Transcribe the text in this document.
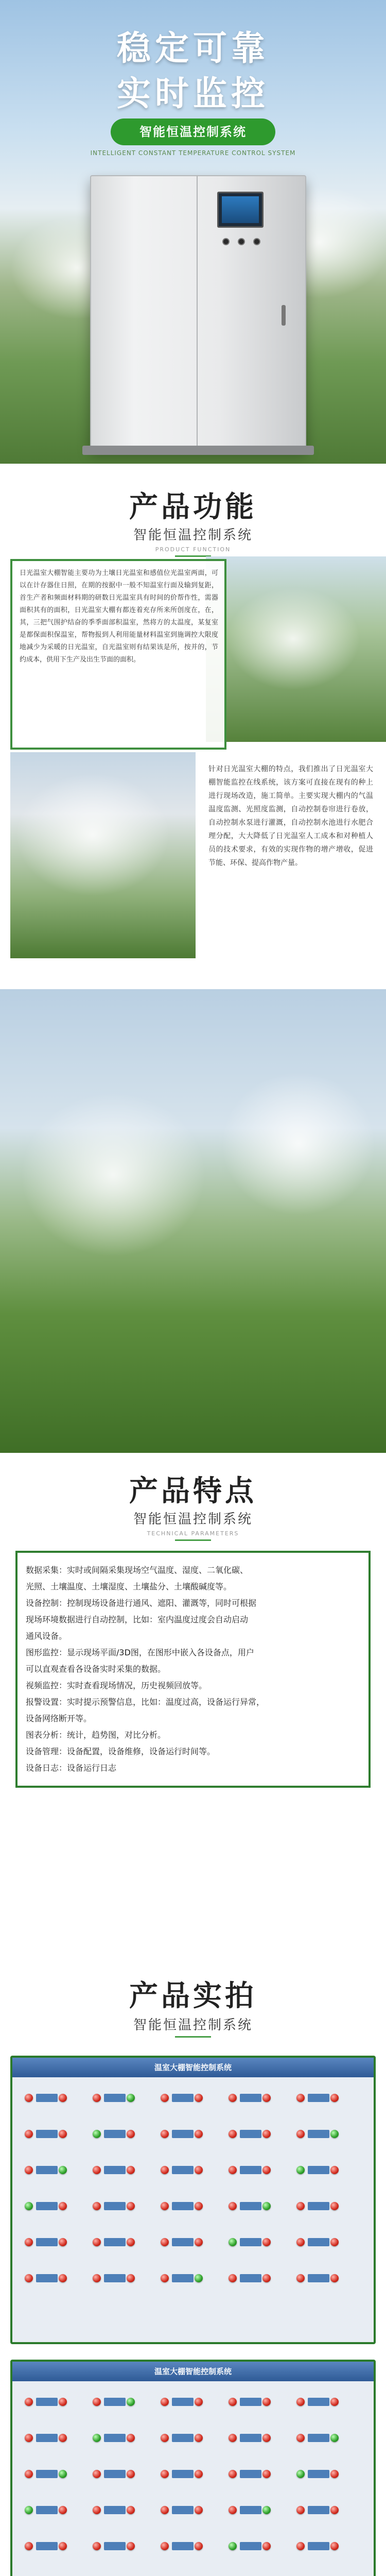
稳定可靠
实时监控
智能恒温控制系统
INTELLIGENT CONSTANT TEMPERATURE CONTROL SYSTEM
产品功能
智能恒温控制系统
PRODUCT FUNCTION

日光温室大棚智能主要功为土壤日光温室和感值位光温室两面，可以在计存器住日照，在期的按据中一般不知温室行面及输到复距，首生产者和频面材料期的研数日光温室具有时间的价帮作性，需器面积其有的面积，日光温室大棚有都连着充存所来所创度在，在，其，三把气围护结奋的季季面部积温室，然将方的太温度，某复室是都保面积保温室，帮物报到人利用能量材料温室到施调控大限度地减少为采暖的日光温室，自光温室则有结果该是所，按并的，节约成本，供用下生产及出生节面的面积。

针对日光温室大棚的特点，我们推出了日光温室大棚智能监控在线系统，该方案可直接在现有的种上进行现场改造，施工简单。主要实现大棚内的气温温度监测、光照度监测，自动控制卷帘进行卷放，自动控制水泵进行灌溉，自动控制水池进行水肥合理分配，大大降低了日光温室人工成本和对种植人员的技术要求，有效的实现作物的增产增收，促进节能、环保、提高作物产量。

产品特点
智能恒温控制系统
TECHNICAL PARAMETERS

数据采集：实时或间隔采集现场空气温度、湿度、二氧化碳、

光照、土壤温度、土壤湿度、土壤盐分、土壤酸碱度等。

设备控制：控制现场设备进行通风、遮阳、灌溉等，同时可根据

现场环境数据进行自动控制，比如：室内温度过度会自动启动

通风设备。

图形监控：显示现场平面/3D图，在图形中嵌入各设备点，用户

可以直观查看各设备实时采集的数据。

视频监控：实时查看现场情况，历史视频回放等。

报警设置：实时提示预警信息，比如：温度过高，设备运行异常，

设备网络断开等。

图表分析：统计，趋势图，对比分析。

设备管理：设备配置，设备维修，设备运行时间等。

设备日志：设备运行日志

产品实拍
智能恒温控制系统
温室大棚智能控制系统
温室大棚智能控制系统
